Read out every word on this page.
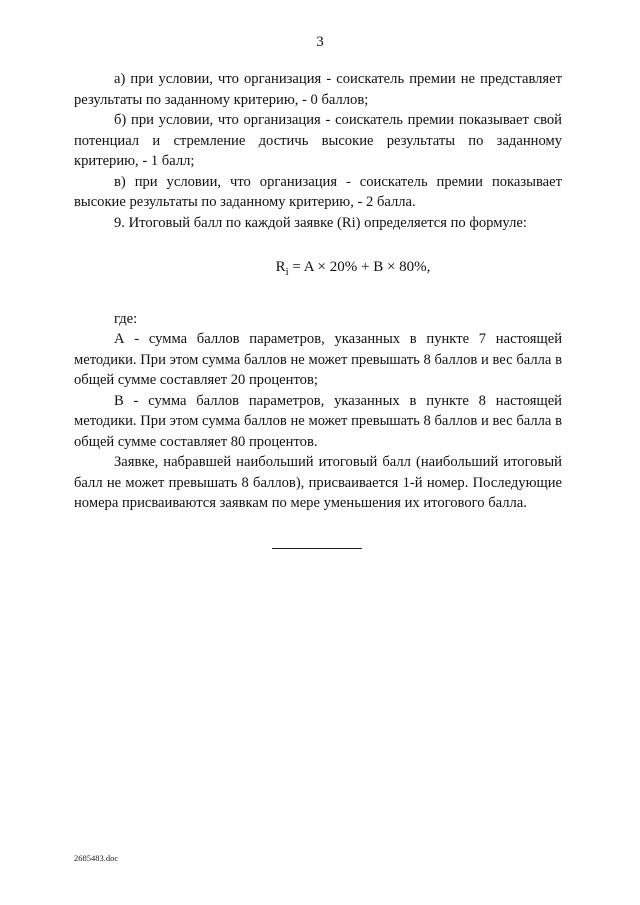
3

а) при условии, что организация - соискатель премии не представляет результаты по заданному критерию, - 0 баллов;

б) при условии, что организация - соискатель премии показывает свой потенциал и стремление достичь высокие результаты по заданному критерию, - 1 балл;

в) при условии, что организация - соискатель премии показывает высокие результаты по заданному критерию, - 2 балла.

9. Итоговый балл по каждой заявке (Ri) определяется по формуле:

$R_i = A \times 20\% + B \times 80\%$,

где:

А - сумма баллов параметров, указанных в пункте 7 настоящей методики. При этом сумма баллов не может превышать 8 баллов и вес балла в общей сумме составляет 20 процентов;

В - сумма баллов параметров, указанных в пункте 8 настоящей методики. При этом сумма баллов не может превышать 8 баллов и вес балла в общей сумме составляет 80 процентов.

Заявке, набравшей наибольший итоговый балл (наибольший итоговый балл не может превышать 8 баллов), присваивается 1-й номер. Последующие номера присваиваются заявкам по мере уменьшения их итогового балла.

2685483.doc
